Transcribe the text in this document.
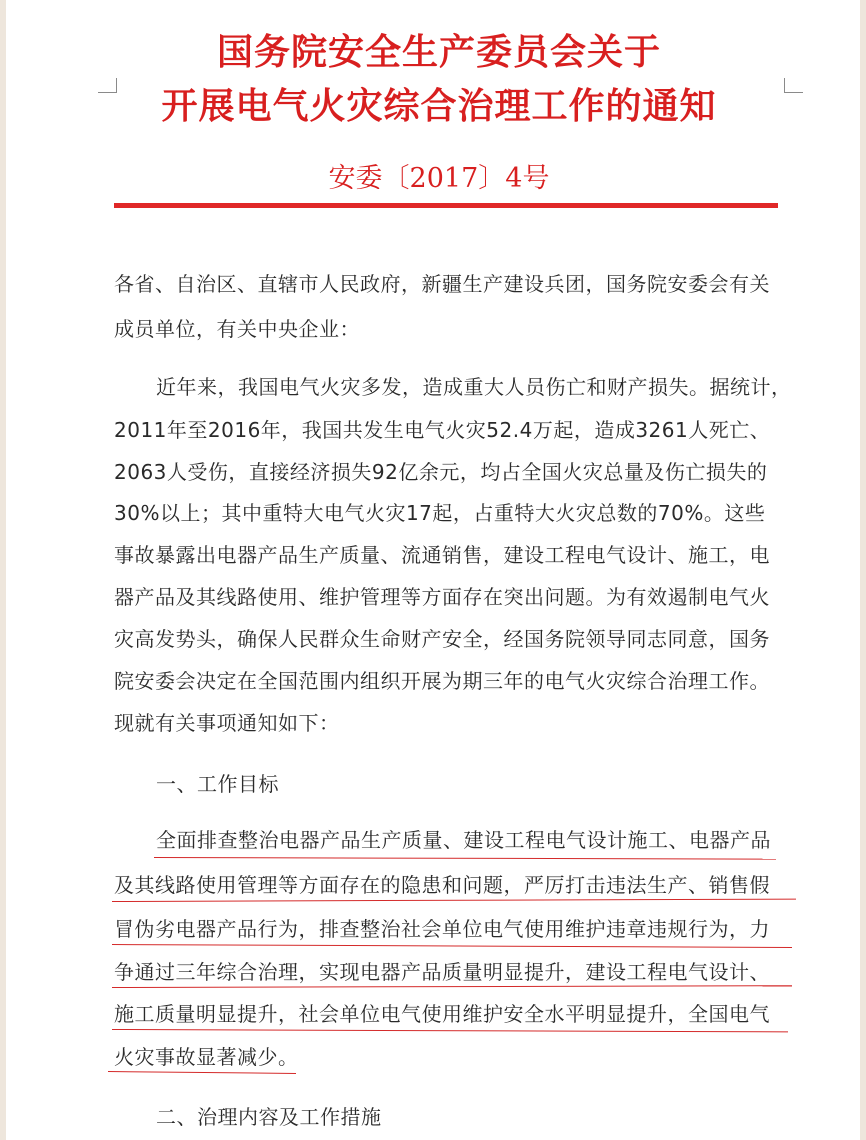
国务院安全生产委员会关于
开展电气火灾综合治理工作的通知
安委〔2017〕4号
各省、自治区、直辖市人民政府，新疆生产建设兵团，国务院安委会有关
成员单位，有关中央企业：
近年来，我国电气火灾多发，造成重大人员伤亡和财产损失。据统计，
2011年至2016年，我国共发生电气火灾52.4万起，造成3261人死亡、
2063人受伤，直接经济损失92亿余元，均占全国火灾总量及伤亡损失的
30%以上；其中重特大电气火灾17起，占重特大火灾总数的70%。这些
事故暴露出电器产品生产质量、流通销售，建设工程电气设计、施工，电
器产品及其线路使用、维护管理等方面存在突出问题。为有效遏制电气火
灾高发势头，确保人民群众生命财产安全，经国务院领导同志同意，国务
院安委会决定在全国范围内组织开展为期三年的电气火灾综合治理工作。
现就有关事项通知如下：
一、工作目标
全面排查整治电器产品生产质量、建设工程电气设计施工、电器产品
及其线路使用管理等方面存在的隐患和问题，严厉打击违法生产、销售假
冒伪劣电器产品行为，排查整治社会单位电气使用维护违章违规行为，力
争通过三年综合治理，实现电器产品质量明显提升，建设工程电气设计、
施工质量明显提升，社会单位电气使用维护安全水平明显提升，全国电气
火灾事故显著减少。
二、治理内容及工作措施
